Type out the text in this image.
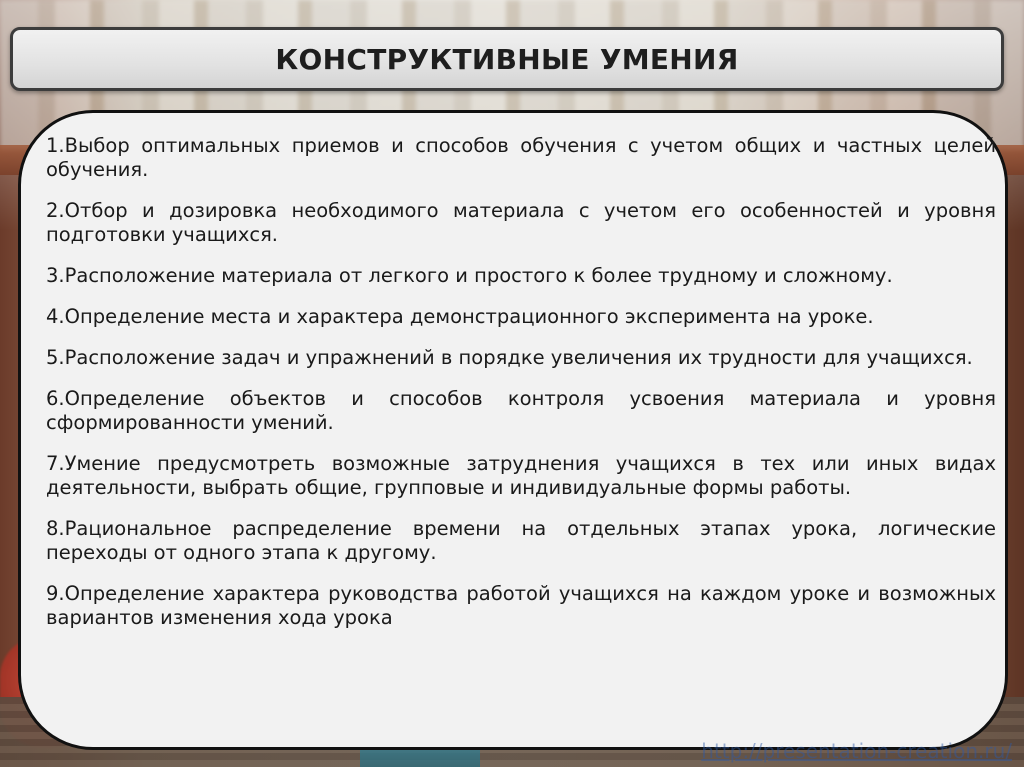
КОНСТРУКТИВНЫЕ УМЕНИЯ
1.Выбор оптимальных приемов и способов обучения с учетом общих и частных целей обучения.
2.Отбор и дозировка необходимого материала с учетом его особенностей и уровня подготовки учащихся.
3.Расположение материала от легкого и простого к более трудному и сложному.
4.Определение места и характера демонстрационного эксперимента на уроке.
5.Расположение задач и упражнений в порядке увеличения их трудности для учащихся.
6.Определение объектов и способов контроля усвоения материала и уровня сформированности умений.
7.Умение предусмотреть возможные затруднения учащихся в тех или иных видах деятельности, выбрать общие, групповые и индивидуальные формы работы.
8.Рациональное распределение времени на отдельных этапах урока, логические переходы от одного этапа к другому.
9.Определение характера руководства работой учащихся на каждом уроке и возможных вариантов изменения хода урока
http://presentation-creation.ru/
